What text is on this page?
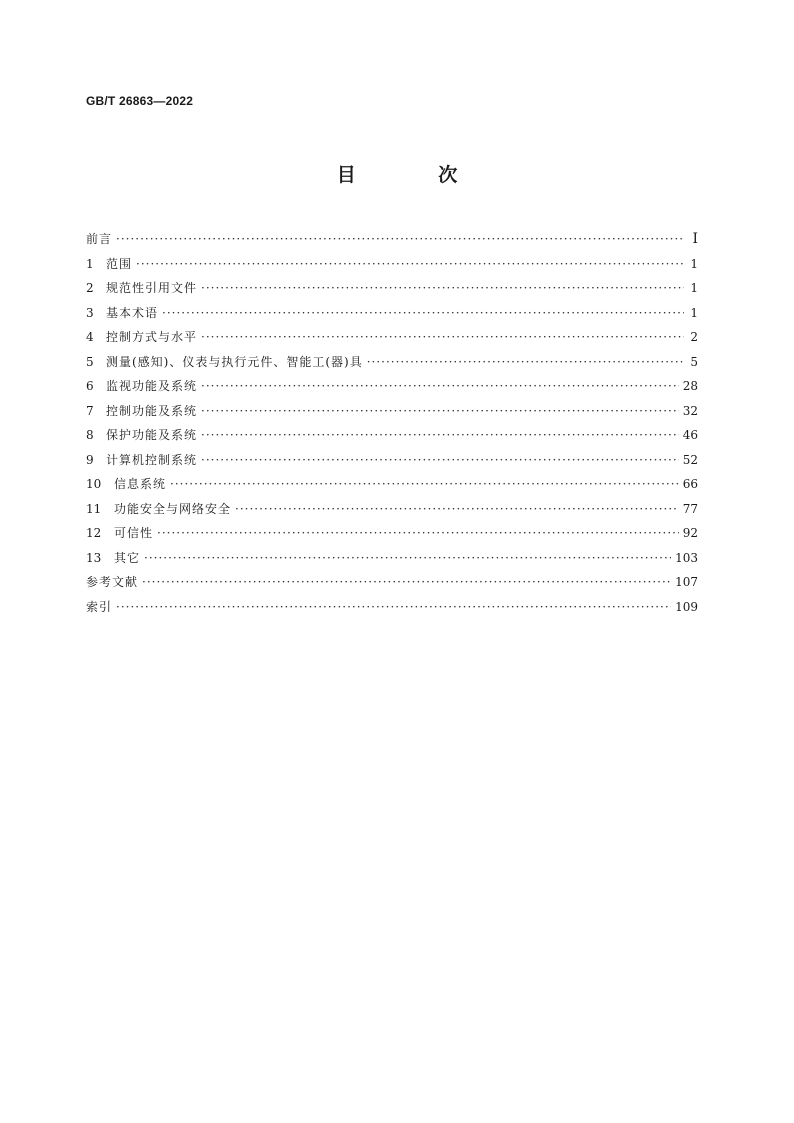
GB/T 26863—2022
目 次
前言 ·····	I
1	范围 ·····	1
2	规范性引用文件 ·····	1
3	基本术语 ·····	1
4	控制方式与水平 ·····	2
5	测量(感知)、仪表与执行元件、智能工(器)具 ·····	5
6	监视功能及系统 ·····	28
7	控制功能及系统 ·····	32
8	保护功能及系统 ·····	46
9	计算机控制系统 ·····	52
10	信息系统 ·····	66
11	功能安全与网络安全 ·····	77
12	可信性 ·····	92
13	其它 ·····	103
参考文献 ·····	107
索引 ·····	109
